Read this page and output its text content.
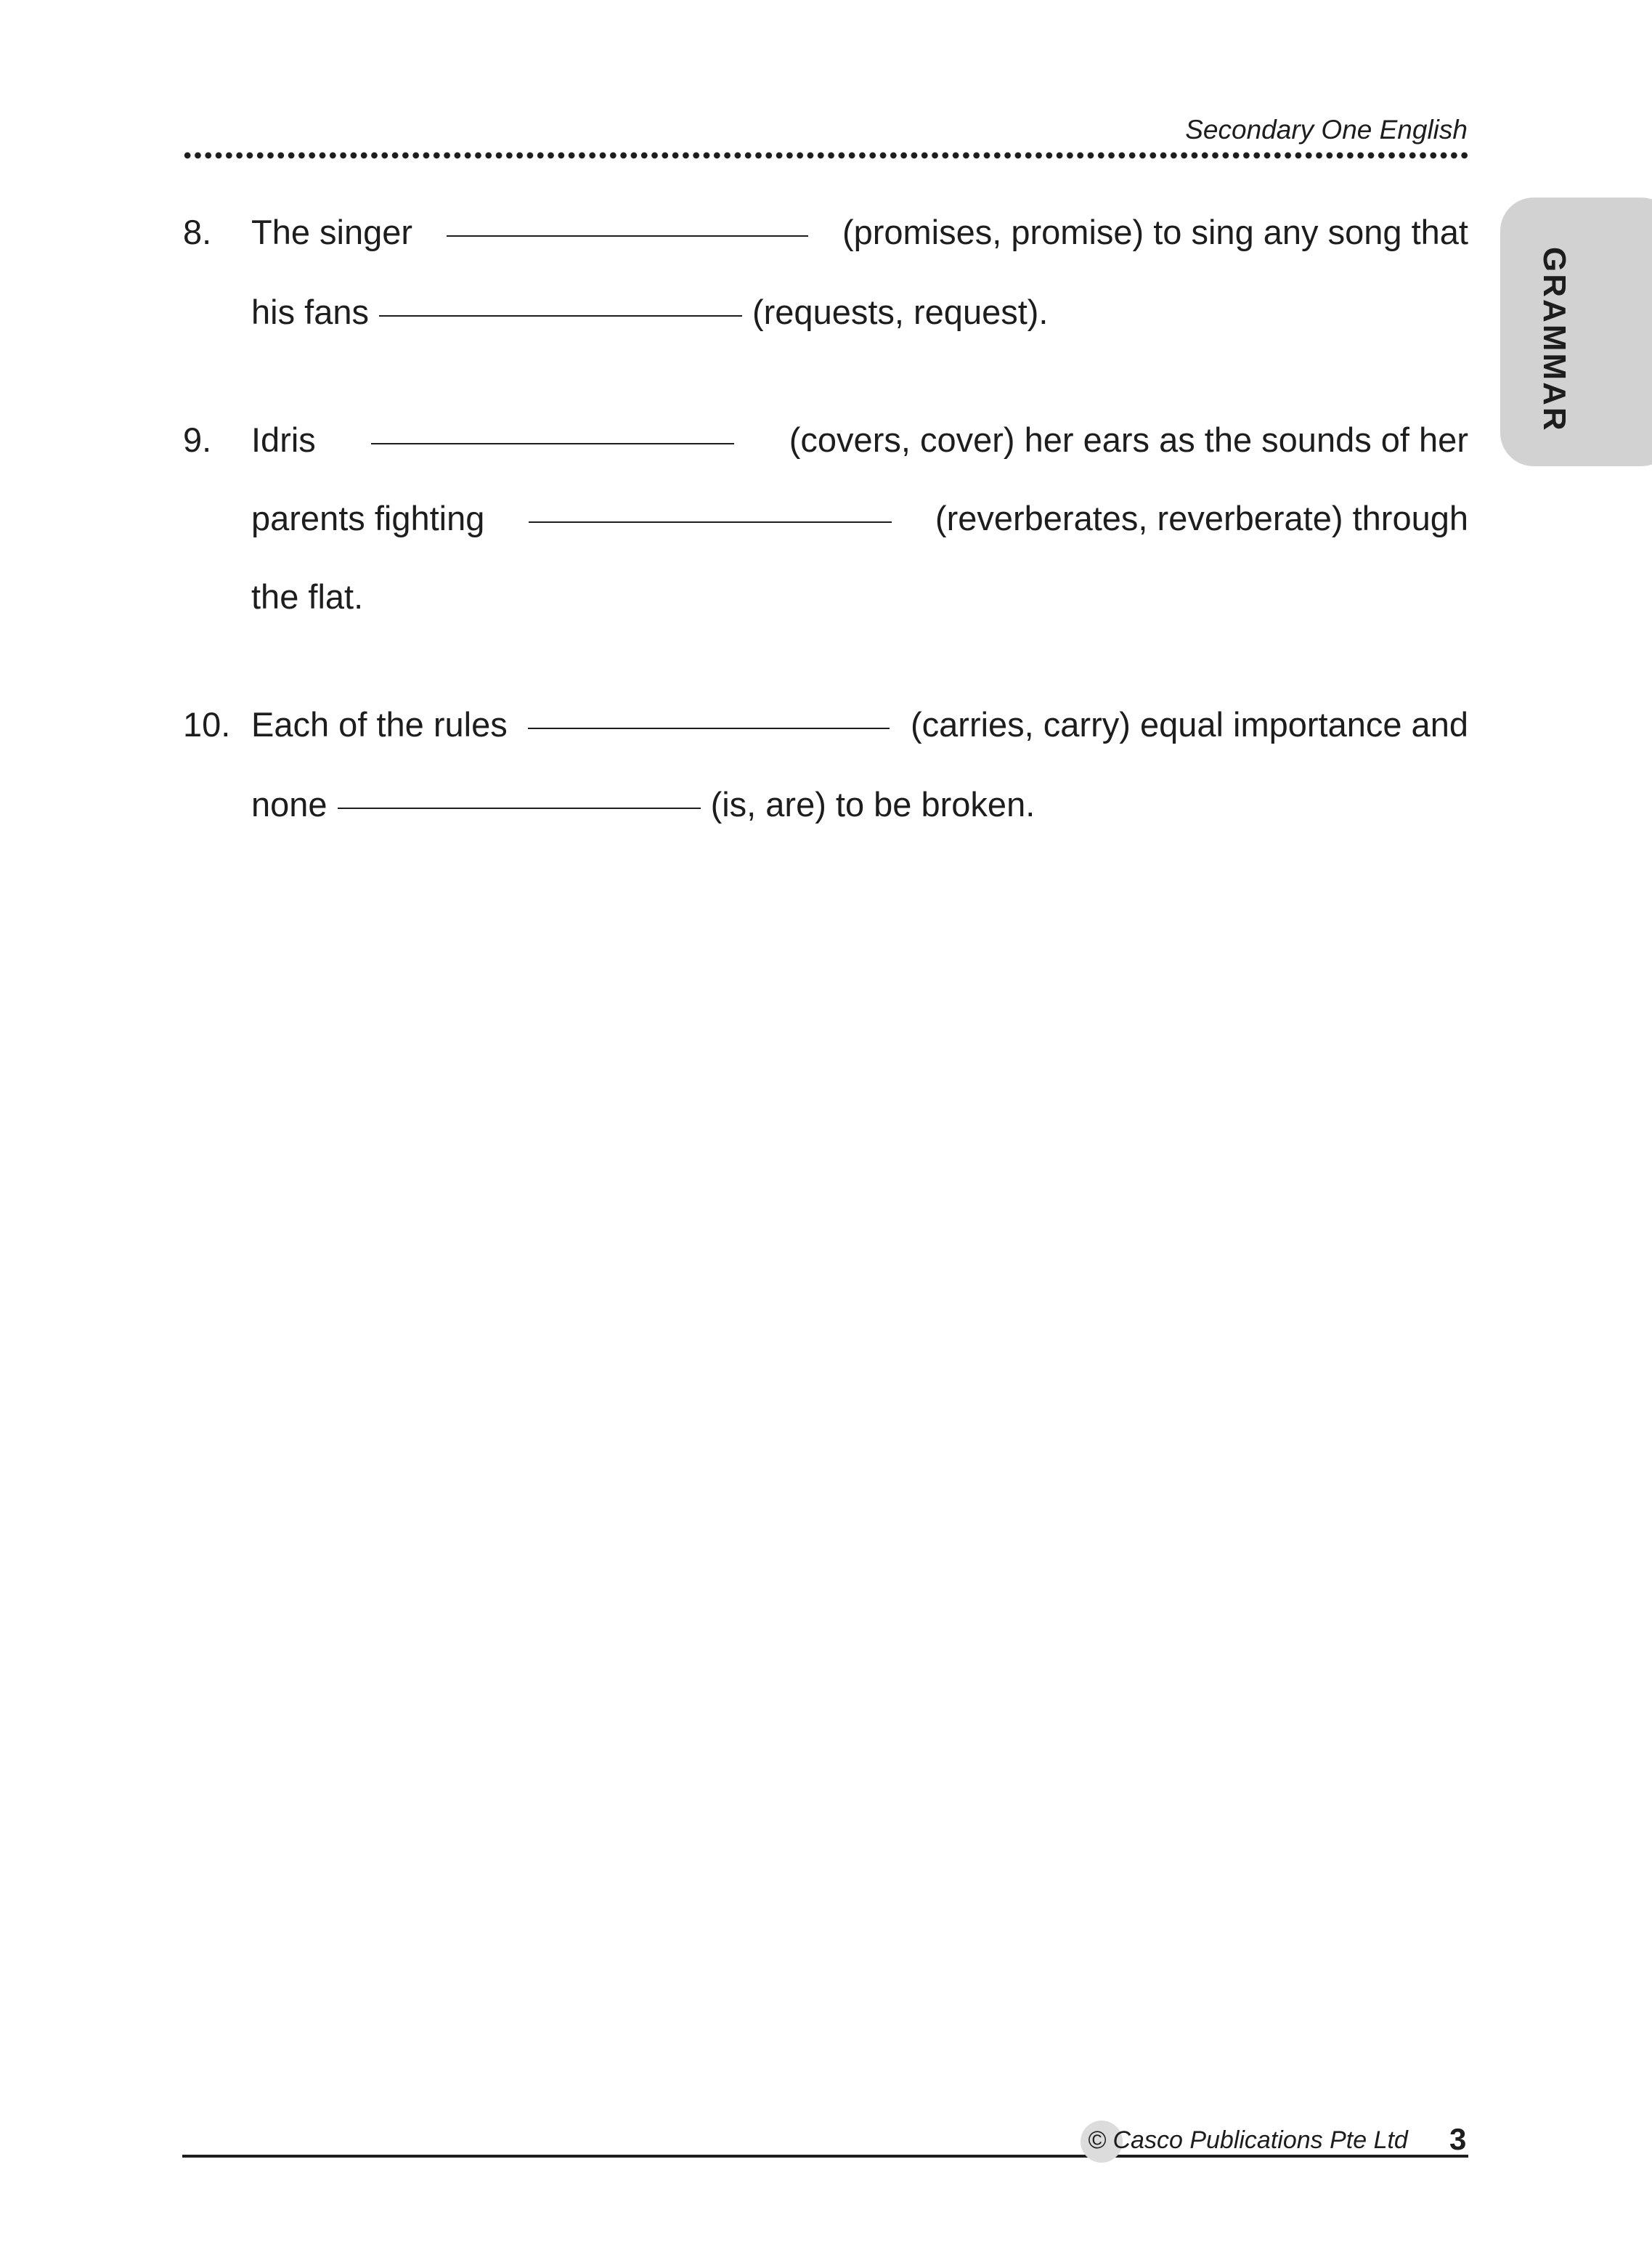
Secondary One English
GRAMMAR
8. The singer	(promises, promise) to sing any song that
his fans	(requests, request).
9. Idris	(covers, cover) her ears as the sounds of her
parents fighting	(reverberates, reverberate) through
the flat.
10. Each of the rules	(carries, carry) equal importance and
none	(is, are) to be broken.
© Casco Publications Pte Ltd 3
